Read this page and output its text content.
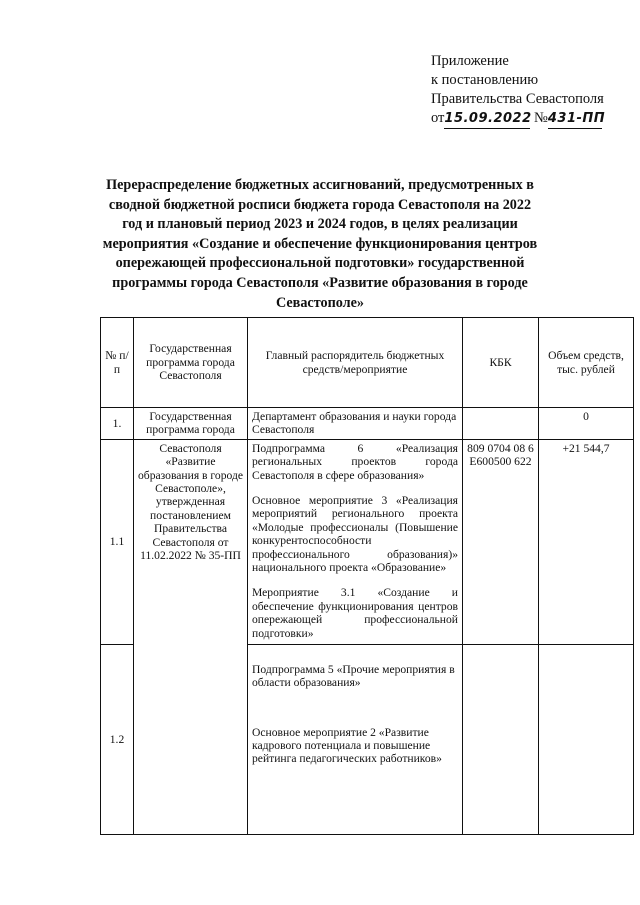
Приложение
к постановлению
Правительства Севастополя
от15.09.2022 №431-ПП
Перераспределение бюджетных ассигнований, предусмотренных в сводной бюджетной росписи бюджета города Севастополя на 2022 год и плановый период 2023 и 2024 годов, в целях реализации мероприятия «Создание и обеспечение функционирования центров опережающей профессиональной подготовки» государственной программы города Севастополя «Развитие образования в городе Севастополе»
№ п/п	Государственная программа города Севастополя	Главный распорядитель бюджетных средств/мероприятие	КБК	Объем средств, тыс. рублей
1.	Государственная программа города	Департамент образования и науки города Севастополя		0
1.1	Севастополя «Развитие образования в городе Севастополе», утвержденная постановлением Правительства Севастополя от 11.02.2022 № 35-ПП	Подпрограмма 6 «Реализация региональных проектов города Севастополя в сфере образования»
Основное мероприятие 3 «Реализация мероприятий регионального проекта «Молодые профессионалы (Повышение конкурентоспособности профессионального образования)» национального проекта «Образование»
Мероприятие 3.1 «Создание и обеспечение функционирования центров опережающей профессиональной подготовки»	809 0704 08 6 Е600500 622	+21 544,7
1.2		Подпрограмма 5 «Прочие мероприятия в области образования»
Основное мероприятие 2 «Развитие кадрового потенциала и повышение рейтинга педагогических работников»		
